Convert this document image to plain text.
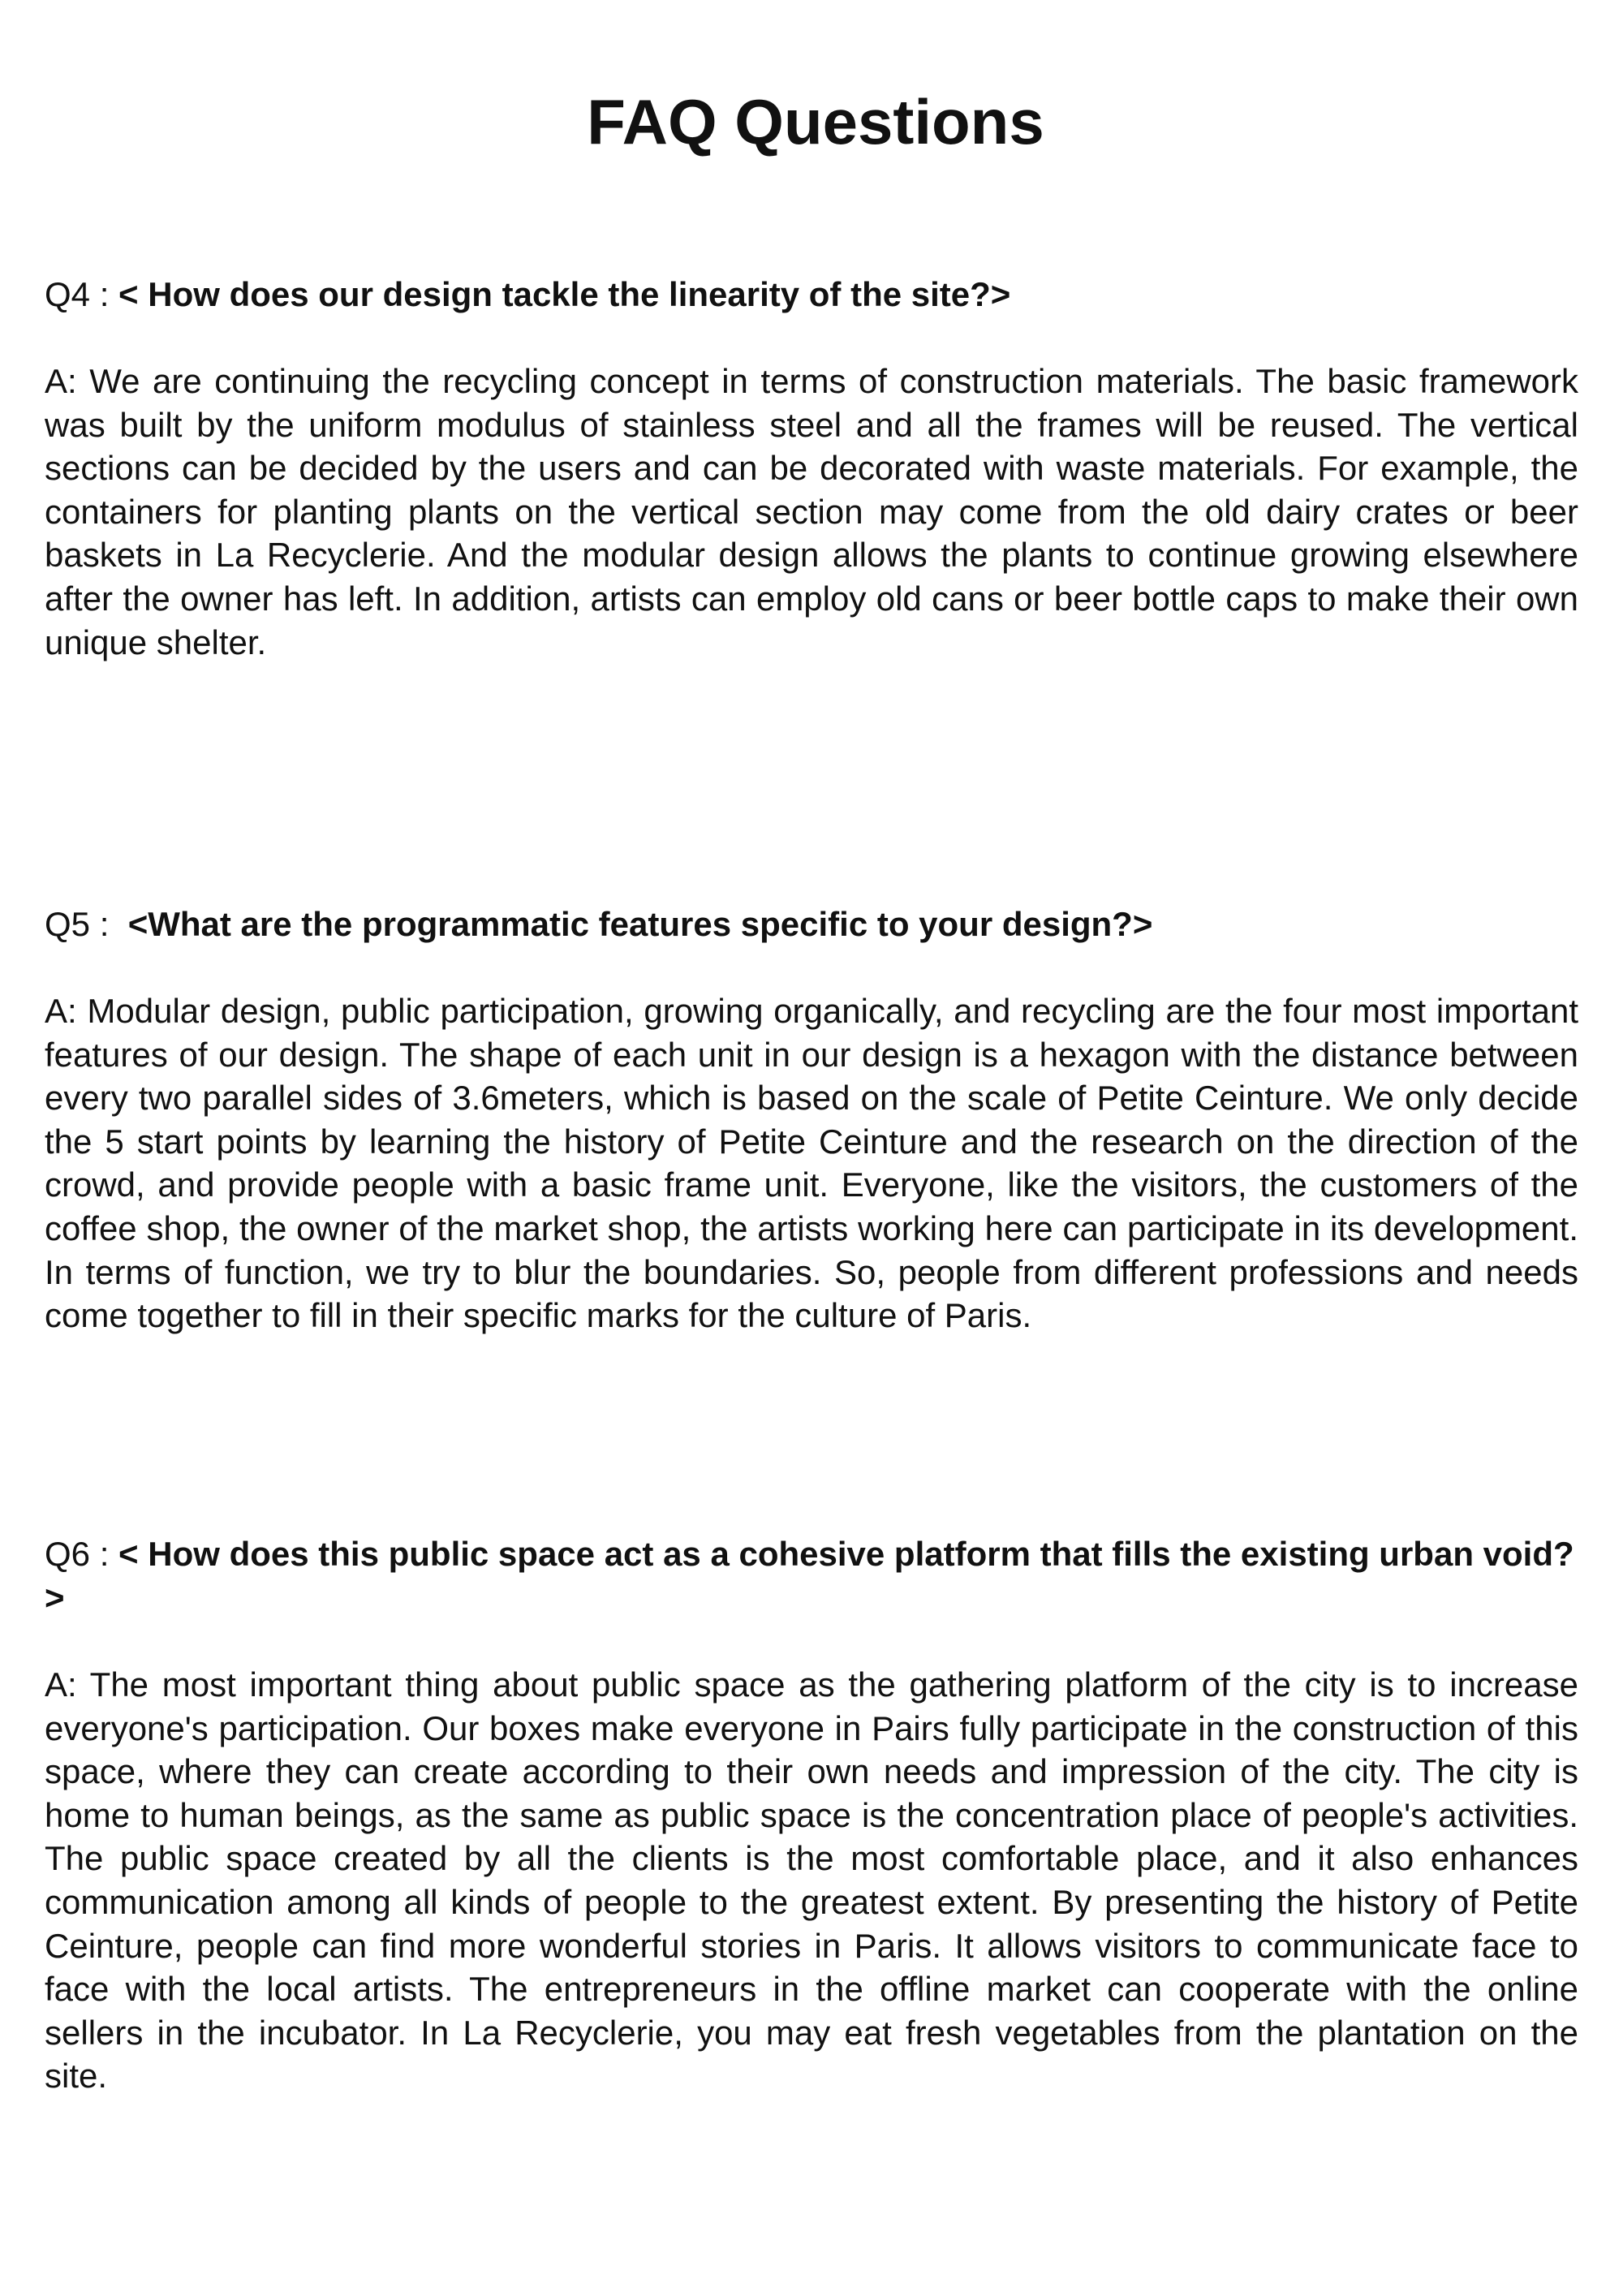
FAQ Questions

Q4 : < How does our design tackle the linearity of the site?>

A: We are continuing the recycling concept in terms of construction materials. The basic framework was built by the uniform modulus of stainless steel and all the frames will be reused. The vertical sections can be decided by the users and can be decorated with waste materials. For example, the containers for planting plants on the vertical section may come from the old dairy crates or beer baskets in La Recyclerie. And the modular design allows the plants to continue growing elsewhere after the owner has left. In addition, artists can employ old cans or beer bottle caps to make their own unique shelter.

Q5 :  <What are the programmatic features specific to your design?>

A: Modular design, public participation, growing organically, and recycling are the four most important features of our design. The shape of each unit in our design is a hexagon with the distance between every two parallel sides of 3.6meters, which is based on the scale of Petite Ceinture. We only decide the 5 start points by learning the history of Petite Ceinture and the research on the direction of the crowd, and provide people with a basic frame unit. Everyone, like the visitors, the customers of the coffee shop, the owner of the market shop, the artists working here can participate in its development. In terms of function, we try to blur the boundaries. So, people from different professions and needs come together to fill in their specific marks for the culture of Paris.

Q6 : < How does this public space act as a cohesive platform that fills the existing urban void?>

A: The most important thing about public space as the gathering platform of the city is to increase everyone's participation. Our boxes make everyone in Pairs fully participate in the construction of this space, where they can create according to their own needs and impression of the city. The city is home to human beings, as the same as public space is the concentration place of people's activities. The public space created by all the clients is the most comfortable place, and it also enhances communication among all kinds of people to the greatest extent. By presenting the history of Petite Ceinture, people can find more wonderful stories in Paris. It allows visitors to communicate face to face with the local artists. The entrepreneurs in the offline market can cooperate with the online sellers in the incubator. In La Recyclerie, you may eat fresh vegetables from the plantation on the site.
